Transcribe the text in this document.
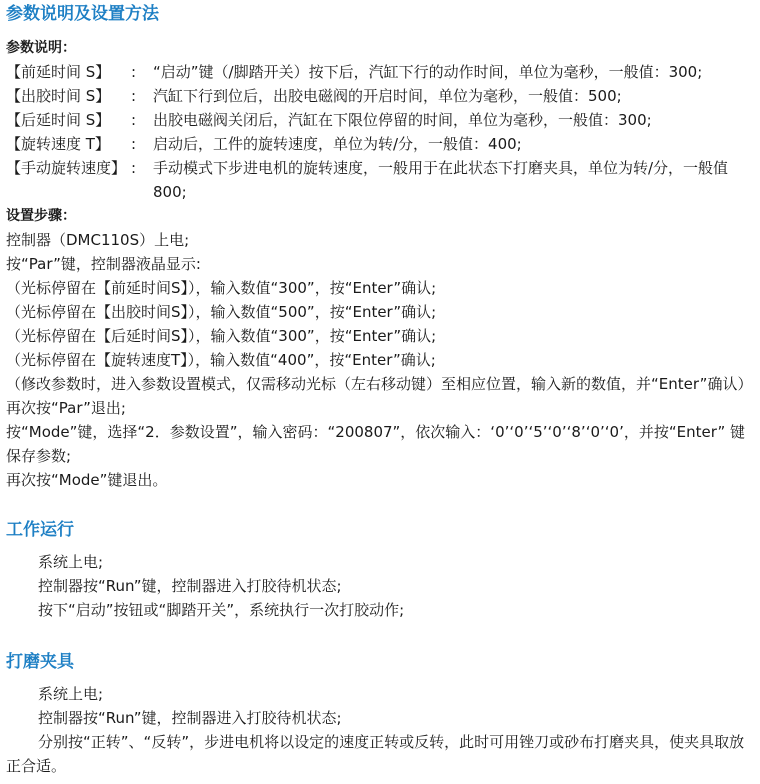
参数说明及设置方法
参数说明：
【前延时间 S】 : “启动”键（/脚踏开关）按下后，汽缸下行的动作时间，单位为毫秒，一般值：300;
【出胶时间 S】 : 汽缸下行到位后，出胶电磁阀的开启时间，单位为毫秒，一般值：500;
【后延时间 S】 : 出胶电磁阀关闭后，汽缸在下限位停留的时间，单位为毫秒，一般值：300;
【旋转速度 T】 : 启动后，工件的旋转速度，单位为转/分，一般值：400;
【手动旋转速度】 : 手动模式下步进电机的旋转速度，一般用于在此状态下打磨夹具，单位为转/分，一般值 800;
设置步骤：
控制器（DMC110S）上电;
按“Par”键，控制器液晶显示:
（光标停留在【前延时间S】），输入数值“300”，按“Enter”确认;
（光标停留在【出胶时间S】），输入数值“500”，按“Enter”确认;
（光标停留在【后延时间S】），输入数值“300”，按“Enter”确认;
（光标停留在【旋转速度T】），输入数值“400”，按“Enter”确认;
（修改参数时，进入参数设置模式，仅需移动光标（左右移动键）至相应位置，输入新的数值，并“Enter”确认）再次按“Par”退出;
按“Mode”键，选择“2．参数设置”，输入密码：“200807”，依次输入：‘0’‘0’‘5’‘0’‘8’‘0’‘0’，并按“Enter” 键保存参数;
再次按“Mode”键退出。
工作运行
系统上电;
控制器按“Run”键，控制器进入打胶待机状态;
按下“启动”按钮或“脚踏开关”，系统执行一次打胶动作;
打磨夹具
系统上电;
控制器按“Run”键，控制器进入打胶待机状态;
分别按“正转”、“反转”，步进电机将以设定的速度正转或反转，此时可用锉刀或砂布打磨夹具，使夹具取放正合适。
